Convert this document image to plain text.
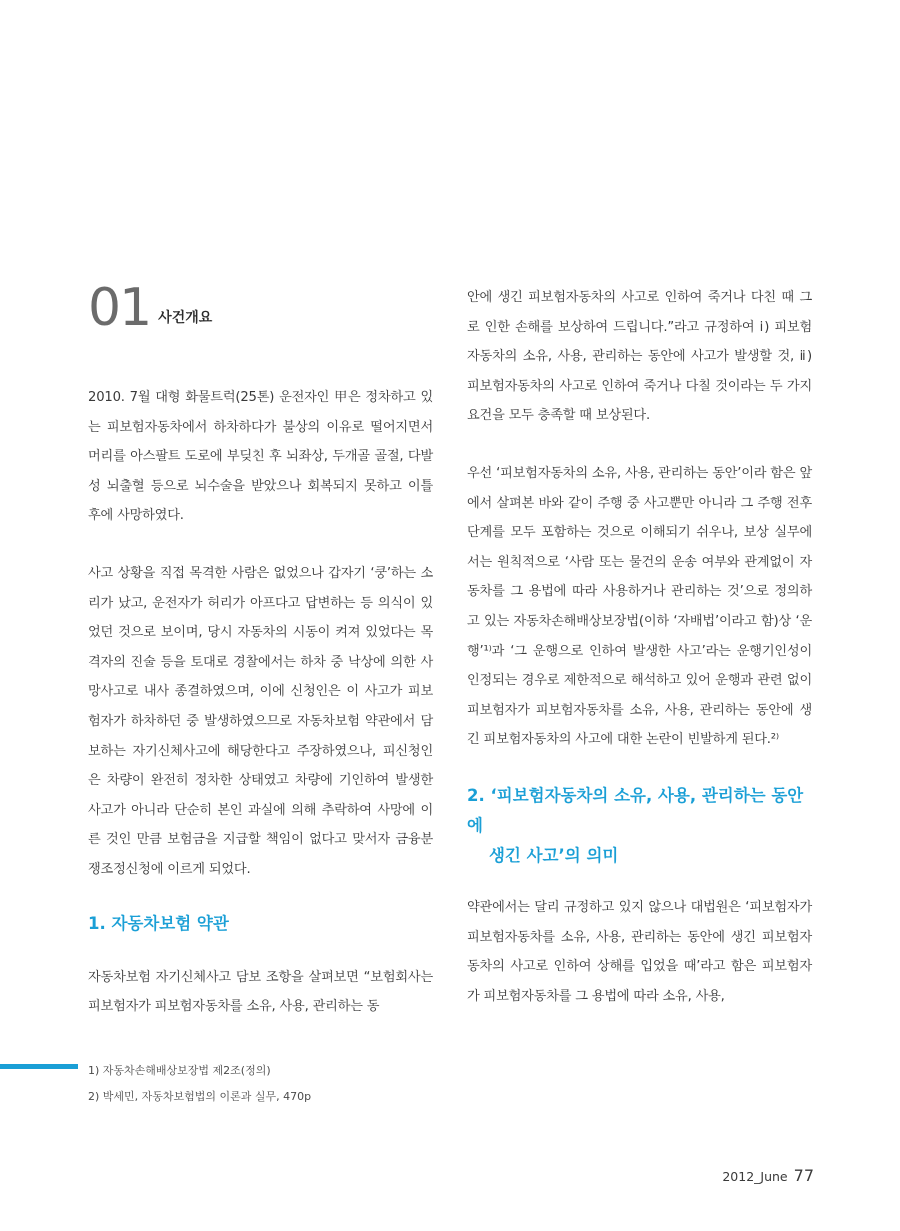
01 사건개요

2010. 7월 대형 화물트럭(25톤) 운전자인 甲은 정차하고 있는 피보험자동차에서 하차하다가 불상의 이유로 떨어지면서 머리를 아스팔트 도로에 부딪친 후 뇌좌상, 두개골 골절, 다발성 뇌출혈 등으로 뇌수술을 받았으나 회복되지 못하고 이틀 후에 사망하였다.

사고 상황을 직접 목격한 사람은 없었으나 갑자기 ‘쿵’하는 소리가 났고, 운전자가 허리가 아프다고 답변하는 등 의식이 있었던 것으로 보이며, 당시 자동차의 시동이 켜져 있었다는 목격자의 진술 등을 토대로 경찰에서는 하차 중 낙상에 의한 사망사고로 내사 종결하였으며, 이에 신청인은 이 사고가 피보험자가 하차하던 중 발생하였으므로 자동차보험 약관에서 담보하는 자기신체사고에 해당한다고 주장하였으나, 피신청인은 차량이 완전히 정차한 상태였고 차량에 기인하여 발생한 사고가 아니라 단순히 본인 과실에 의해 추락하여 사망에 이른 것인 만큼 보험금을 지급할 책임이 없다고 맞서자 금융분쟁조정신청에 이르게 되었다.

1. 자동차보험 약관

자동차보험 자기신체사고 담보 조항을 살펴보면 “보험회사는 피보험자가 피보험자동차를 소유, 사용, 관리하는 동

안에 생긴 피보험자동차의 사고로 인하여 죽거나 다친 때 그로 인한 손해를 보상하여 드립니다.”라고 규정하여 ⅰ) 피보험자동차의 소유, 사용, 관리하는 동안에 사고가 발생할 것, ⅱ) 피보험자동차의 사고로 인하여 죽거나 다칠 것이라는 두 가지 요건을 모두 충족할 때 보상된다.

우선 ‘피보험자동차의 소유, 사용, 관리하는 동안’이라 함은 앞에서 살펴본 바와 같이 주행 중 사고뿐만 아니라 그 주행 전후 단계를 모두 포함하는 것으로 이해되기 쉬우나, 보상 실무에서는 원칙적으로 ‘사람 또는 물건의 운송 여부와 관계없이 자동차를 그 용법에 따라 사용하거나 관리하는 것’으로 정의하고 있는 자동차손해배상보장법(이하 ‘자배법’이라고 함)상 ‘운행’¹⁾과 ‘그 운행으로 인하여 발생한 사고’라는 운행기인성이 인정되는 경우로 제한적으로 해석하고 있어 운행과 관련 없이 피보험자가 피보험자동차를 소유, 사용, 관리하는 동안에 생긴 피보험자동차의 사고에 대한 논란이 빈발하게 된다.²⁾

2. ‘피보험자동차의 소유, 사용, 관리하는 동안에
생긴 사고’의 의미

약관에서는 달리 규정하고 있지 않으나 대법원은 ‘피보험자가 피보험자동차를 소유, 사용, 관리하는 동안에 생긴 피보험자동차의 사고로 인하여 상해를 입었을 때’라고 함은 피보험자가 피보험자동차를 그 용법에 따라 소유, 사용,

1) 자동차손해배상보장법 제2조(정의)
2) 박세민, 자동차보험법의 이론과 실무, 470p
2012_June 77
